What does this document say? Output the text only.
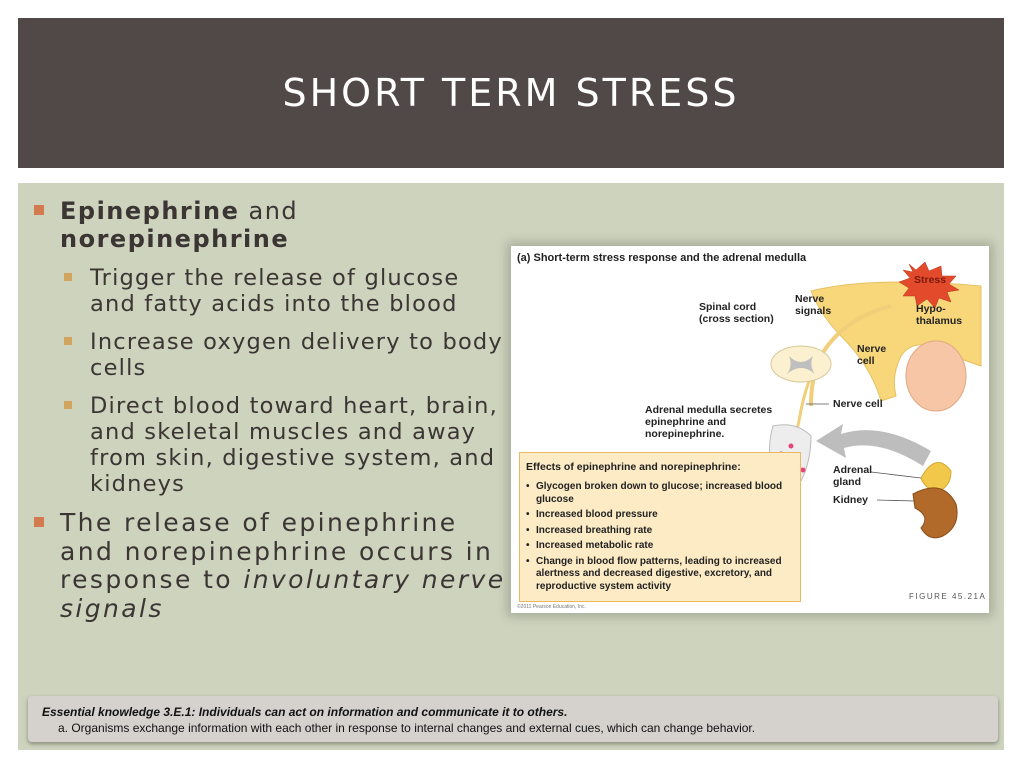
SHORT TERM STRESS
Epinephrine and
norepinephrine
Trigger the release of glucose and fatty acids into the blood
Increase oxygen delivery to body cells
Direct blood toward heart, brain, and skeletal muscles and away from skin, digestive system, and kidneys
The release of epinephrine and norepinephrine occurs in response to involuntary nerve signals
(a) Short-term stress response and the adrenal medulla
Stress
Spinal cord (cross section)
Nerve signals	Hypo- thalamus
Nerve cell
Nerve cell
Adrenal medulla secretes epinephrine and norepinephrine.
Adrenal gland
Kidney
Effects of epinephrine and norepinephrine:
• Glycogen broken down to glucose; increased blood glucose
• Increased blood pressure
• Increased breathing rate
• Increased metabolic rate
• Change in blood flow patterns, leading to increased alertness and decreased digestive, excretory, and reproductive system activity
FIGURE 45.21A
©2011 Pearson Education, Inc.
Essential knowledge 3.E.1: Individuals can act on information and communicate it to others.
a. Organisms exchange information with each other in response to internal changes and external cues, which can change behavior.
